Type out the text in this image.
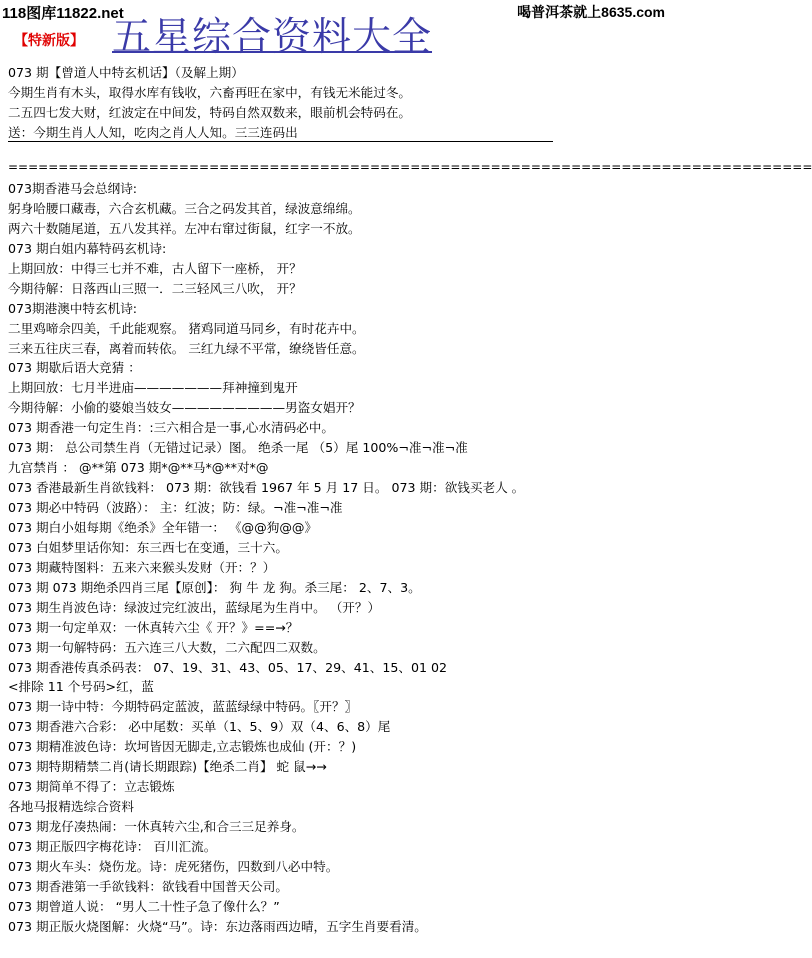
118图库11822.net	喝普洱茶就上8635.com
【特新版】 五星综合资料大全
073 期【曾道人中特玄机话】（及解上期）
今期生肖有木头，取得水库有钱收，六畜再旺在家中，有钱无米能过冬。
二五四七发大财，红波定在中间发，特码自然双数来，眼前机会特码在。
送：今期生肖人人知，吃肉之肖人人知。三三连码出
================================================================================
073期香港马会总纲诗:
躬身哈腰口藏毒，六合玄机藏。三合之码发其首，绿波意绵绵。
两六十数随尾道，五八发其祥。左冲右窜过街鼠，红字一不放。
073 期白姐内幕特码玄机诗:
上期回放：中得三七并不难，古人留下一座桥， 开？
今期待解：日落西山三照一．二三轻风三八吹， 开？
073期港澳中特玄机诗:
二里鸡啼佘四美，千此能观察。 猪鸡同道马同乡，有时花卉中。
三来五往庆三春，离着而转依。 三红九绿不平常，缭绕皆任意。
073 期歇后语大竞猜 ：
上期回放：七月半进庙———————拜神撞到鬼开
今期待解：小偷的婆娘当妓女—————————男盗女娼开？
073 期香港一句定生肖：:三六相合是一事,心水清码必中。
073 期： 总公司禁生肖（无错过记录）图。 绝杀一尾 （5）尾 100%¬准¬准¬准
九宫禁肖 ： @**第 073 期*@**马*@**对*@
073 香港最新生肖欲钱料： 073 期：欲钱看 1967 年 5 月 17 日。 073 期：欲钱买老人 。
073 期必中特码（波路）： 主：红波；防：绿。¬准¬准¬准
073 期白小姐每期《绝杀》全年错一： 《@@狗@@》
073 白姐梦里话你知：东三西七在变通，三十六。
073 期藏特图料：五来六来猴头发财（开：？）
073 期 073 期绝杀四肖三尾【原创】： 狗 牛 龙 狗。杀三尾： 2、7、3。
073 期生肖波色诗：绿波过完红波出，蓝绿尾为生肖中。 （开？）
073 期一句定单双：一休真转六尘《 开？》==→？
073 期一句解特码：五六连三八大数，二六配四二双数。
073 期香港传真杀码表： 07、19、31、43、05、17、29、41、15、01 02
<排除 11 个号码>红，蓝
073 期一诗中特：今期特码定蓝波，蓝蓝绿绿中特码。〖开？〗
073 期香港六合彩： 必中尾数：买单（1、5、9）双（4、6、8）尾
073 期精准波色诗：坎坷皆因无脚走,立志锻炼也成仙 (开：？)
073 期特期精禁二肖(请长期跟踪)【绝杀二肖】 蛇 鼠→→
073 期简单不得了：立志锻炼
各地马报精选综合资料
073 期龙仔凑热闹：一休真转六尘,和合三三足养身。
073 期正版四字梅花诗： 百川汇流。
073 期火车头：烧伤龙。诗：虎死猪伤，四数到八必中特。
073 期香港第一手欲钱料：欲钱看中国普天公司。
073 期曾道人说： “男人二十性子急了像什么？”
073 期正版火烧图解：火烧“马”。诗：东边落雨西边晴，五字生肖要看清。
